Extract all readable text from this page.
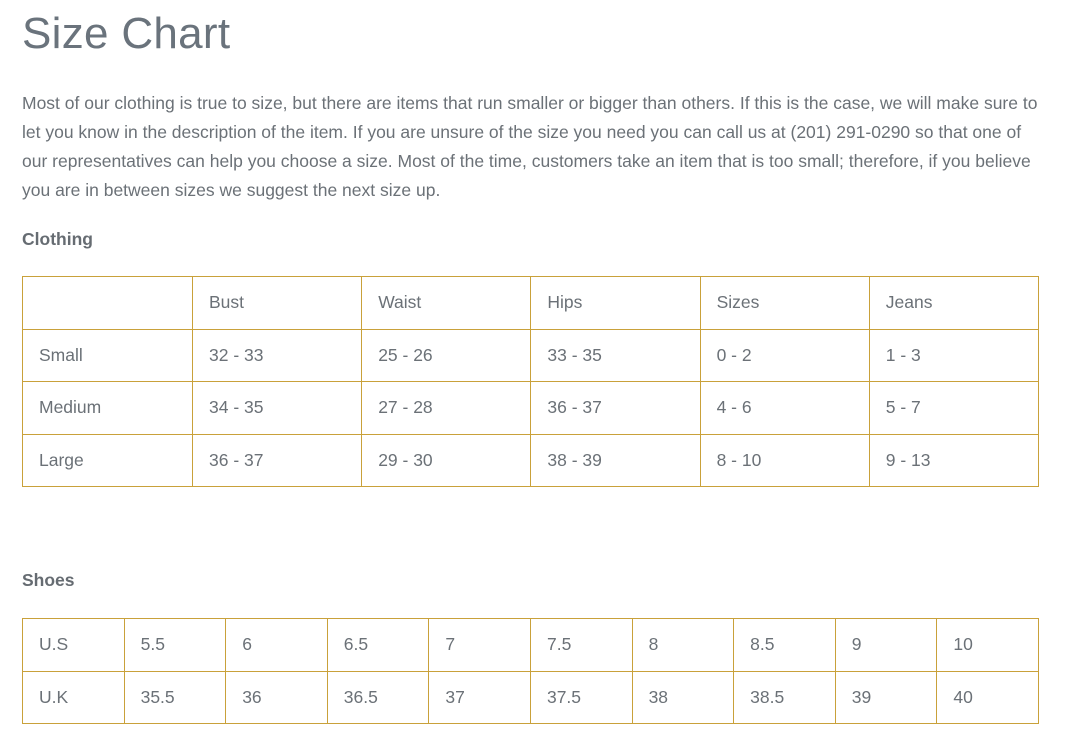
Size Chart

Most of our clothing is true to size, but there are items that run smaller or bigger than others. If this is the case, we will make sure to let you know in the description of the item. If you are unsure of the size you need you can call us at (201) 291-0290 so that one of our representatives can help you choose a size. Most of the time, customers take an item that is too small; therefore, if you believe you are in between sizes we suggest the next size up.

Clothing
	Bust	Waist	Hips	Sizes	Jeans
Small	32 - 33	25 - 26	33 - 35	0 - 2	1 - 3
Medium	34 - 35	27 - 28	36 - 37	4 - 6	5 - 7
Large	36 - 37	29 - 30	38 - 39	8 - 10	9 - 13
Shoes
U.S	5.5	6	6.5	7	7.5	8	8.5	9	10
U.K	35.5	36	36.5	37	37.5	38	38.5	39	40
